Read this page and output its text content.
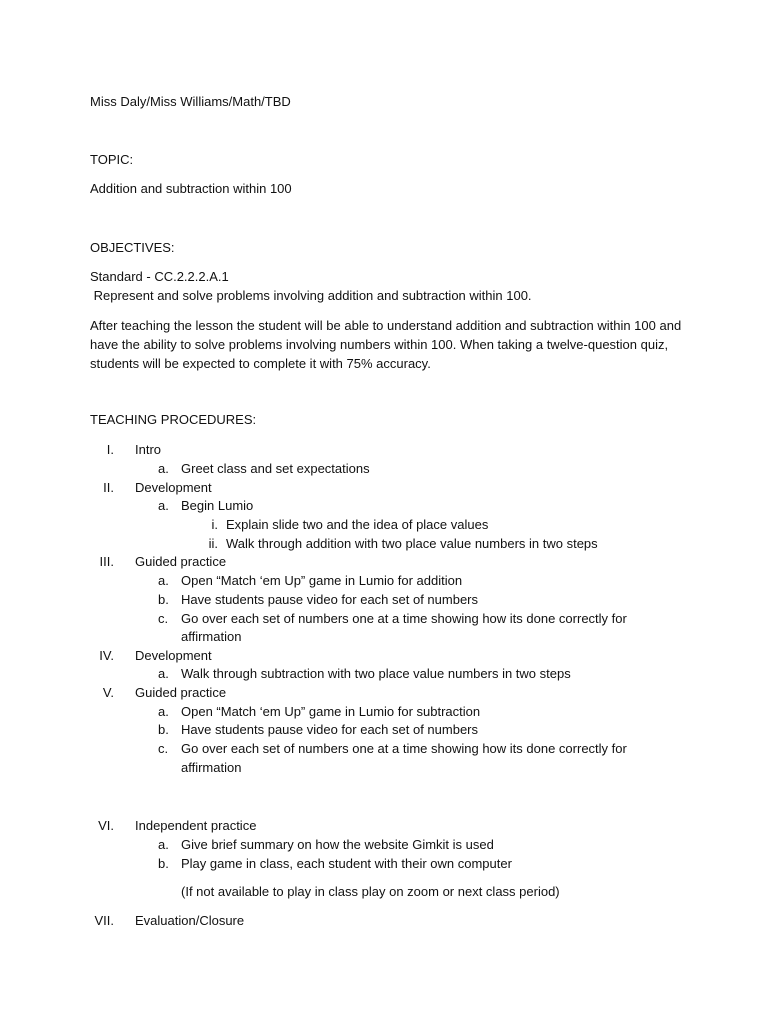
Miss Daly/Miss Williams/Math/TBD
TOPIC:
Addition and subtraction within 100
OBJECTIVES:
Standard - CC.2.2.2.A.1
Represent and solve problems involving addition and subtraction within 100.
After teaching the lesson the student will be able to understand addition and subtraction within 100 and have the ability to solve problems involving numbers within 100. When taking a twelve-question quiz, students will be expected to complete it with 75% accuracy.
TEACHING PROCEDURES:
I. Intro
a. Greet class and set expectations
II. Development
a. Begin Lumio
i. Explain slide two and the idea of place values
ii. Walk through addition with two place value numbers in two steps
III. Guided practice
a. Open “Match ‘em Up” game in Lumio for addition
b. Have students pause video for each set of numbers
c. Go over each set of numbers one at a time showing how its done correctly for
affirmation
IV. Development
a. Walk through subtraction with two place value numbers in two steps
V. Guided practice
a. Open “Match ‘em Up” game in Lumio for subtraction
b. Have students pause video for each set of numbers
c. Go over each set of numbers one at a time showing how its done correctly for
affirmation
VI. Independent practice
a. Give brief summary on how the website Gimkit is used
b. Play game in class, each student with their own computer
(If not available to play in class play on zoom or next class period)
VII. Evaluation/Closure
